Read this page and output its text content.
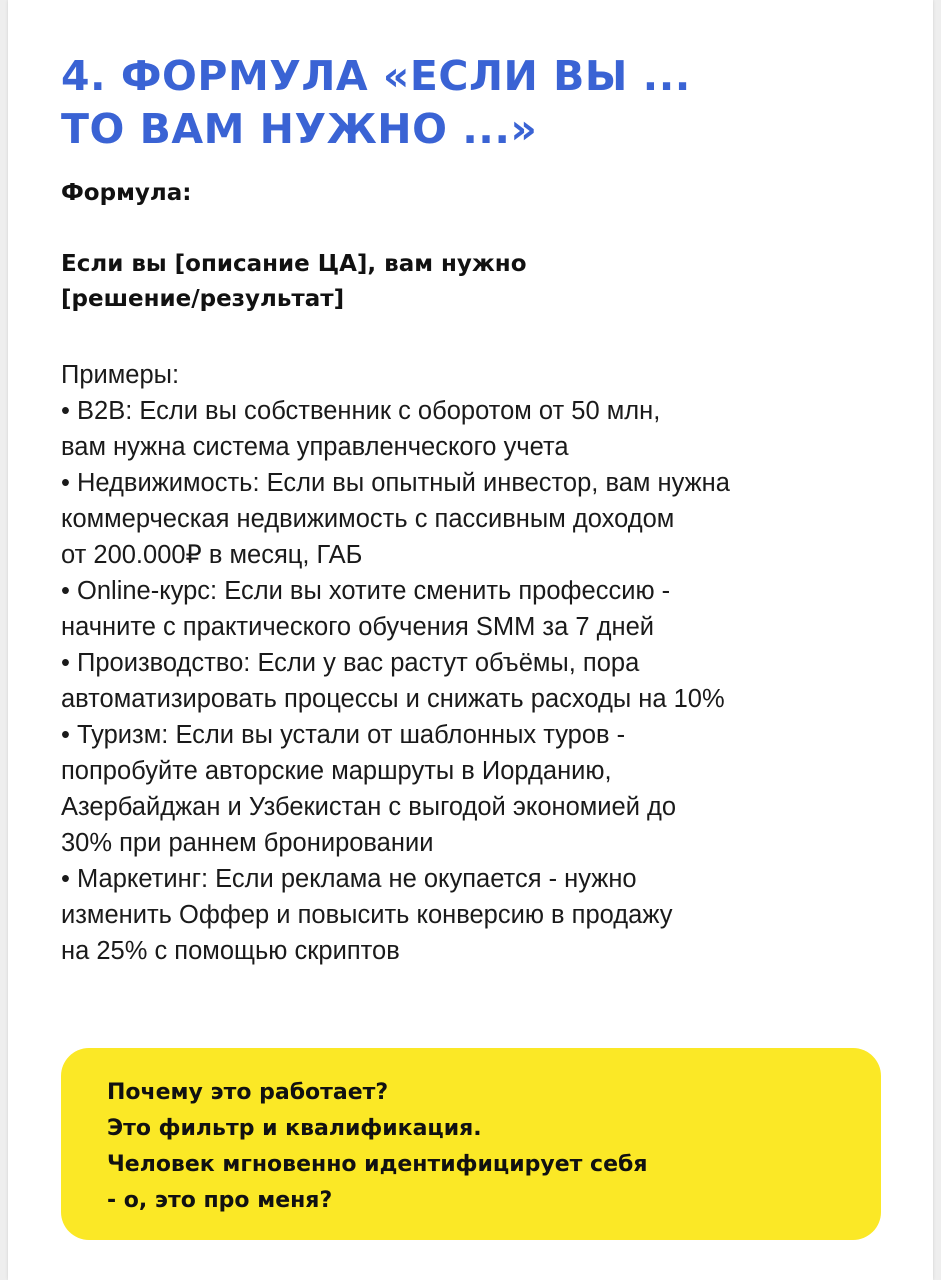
4. ФОРМУЛА «ЕСЛИ ВЫ ...
ТО ВАМ НУЖНО ...»

Формула:

Если вы [описание ЦА], вам нужно
[решение/результат]

Примеры:
• B2B: Если вы собственник с оборотом от 50 млн,
вам нужна система управленческого учета
• Недвижимость: Если вы опытный инвестор, вам нужна
коммерческая недвижимость с пассивным доходом
от 200.000₽ в месяц, ГАБ
• Online-курс: Если вы хотите сменить профессию -
начните с практического обучения SMM за 7 дней
• Производство: Если у вас растут объёмы, пора
автоматизировать процессы и снижать расходы на 10%
• Туризм: Если вы устали от шаблонных туров -
попробуйте авторские маршруты в Иорданию,
Азербайджан и Узбекистан с выгодой экономией до
30% при раннем бронировании
• Маркетинг: Если реклама не окупается - нужно
изменить Оффер и повысить конверсию в продажу
на 25% с помощью скриптов

Почему это работает?
Это фильтр и квалификация.
Человек мгновенно идентифицирует себя
- о, это про меня?
